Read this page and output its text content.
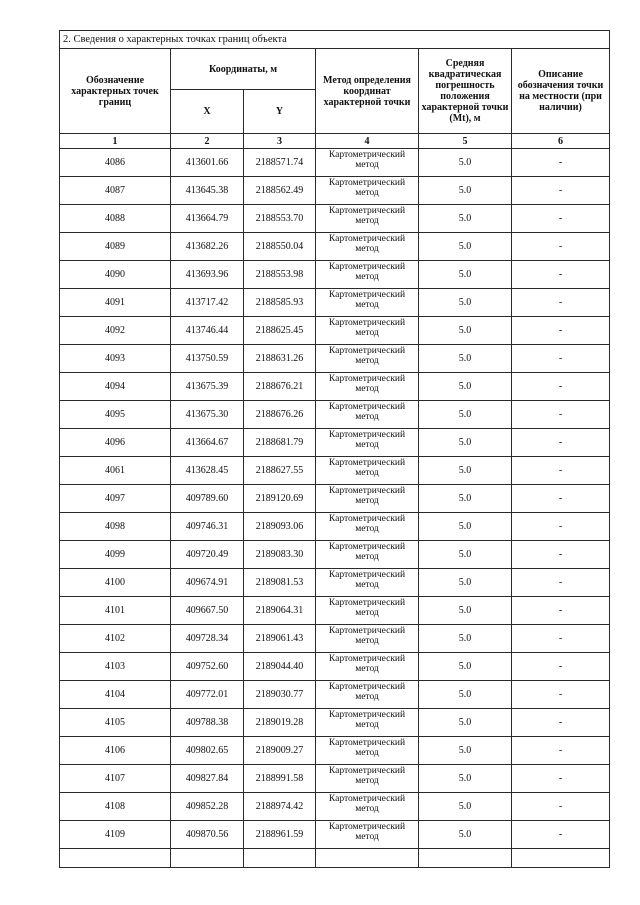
2. Сведения о характерных точках границ объекта					
Обозначение характерных точек границ	Координаты, м		Метод определения координат характерной точки	Средняя квадратическая погрешность положения характерной точки (Mt), м	Описание обозначения точки на местности (при наличии)
	X	Y			
1	2	3	4	5	6
4086	413601.66	2188571.74	Картометрический метод	5.0	-
4087	413645.38	2188562.49	Картометрический метод	5.0	-
4088	413664.79	2188553.70	Картометрический метод	5.0	-
4089	413682.26	2188550.04	Картометрический метод	5.0	-
4090	413693.96	2188553.98	Картометрический метод	5.0	-
4091	413717.42	2188585.93	Картометрический метод	5.0	-
4092	413746.44	2188625.45	Картометрический метод	5.0	-
4093	413750.59	2188631.26	Картометрический метод	5.0	-
4094	413675.39	2188676.21	Картометрический метод	5.0	-
4095	413675.30	2188676.26	Картометрический метод	5.0	-
4096	413664.67	2188681.79	Картометрический метод	5.0	-
4061	413628.45	2188627.55	Картометрический метод	5.0	-
4097	409789.60	2189120.69	Картометрический метод	5.0	-
4098	409746.31	2189093.06	Картометрический метод	5.0	-
4099	409720.49	2189083.30	Картометрический метод	5.0	-
4100	409674.91	2189081.53	Картометрический метод	5.0	-
4101	409667.50	2189064.31	Картометрический метод	5.0	-
4102	409728.34	2189061.43	Картометрический метод	5.0	-
4103	409752.60	2189044.40	Картометрический метод	5.0	-
4104	409772.01	2189030.77	Картометрический метод	5.0	-
4105	409788.38	2189019.28	Картометрический метод	5.0	-
4106	409802.65	2189009.27	Картометрический метод	5.0	-
4107	409827.84	2188991.58	Картометрический метод	5.0	-
4108	409852.28	2188974.42	Картометрический метод	5.0	-
4109	409870.56	2188961.59	Картометрический метод	5.0	-
